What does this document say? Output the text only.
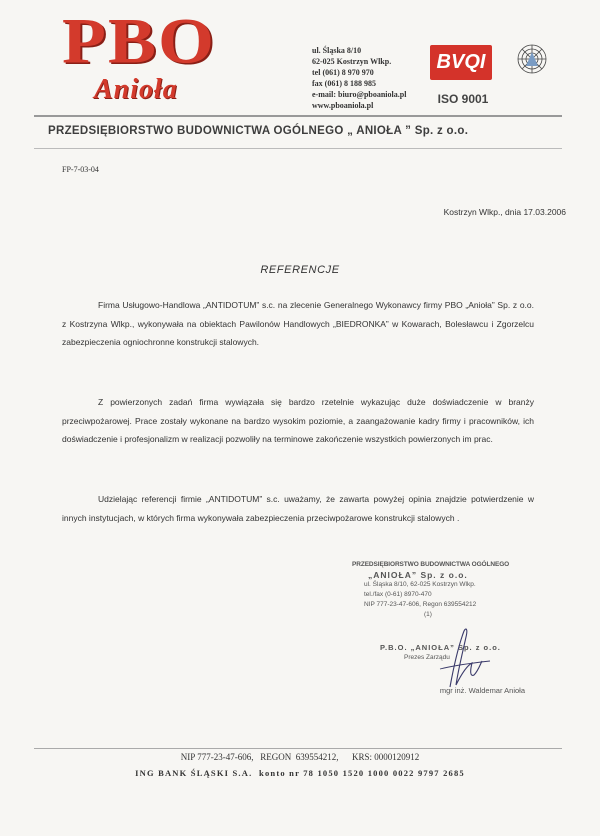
PBO
Anioła
ul. Śląska 8/10
62-025 Kostrzyn Wlkp.
tel (061) 8 970 970
fax (061) 8 188 985
e-mail: biuro@pboaniola.pl
www.pboaniola.pl
BVQI
ISO 9001
PRZEDSIĘBIORSTWO BUDOWNICTWA OGÓLNEGO „ ANIOŁA ” Sp. z o.o.
FP-7-03-04
Kostrzyn Wlkp., dnia 17.03.2006
REFERENCJE
Firma Usługowo-Handlowa „ANTIDOTUM” s.c. na zlecenie Generalnego Wykonawcy firmy PBO „Anioła” Sp. z o.o. z Kostrzyna Wlkp., wykonywała na obiektach Pawilonów Handlowych „BIEDRONKA” w Kowarach, Bolesławcu i Zgorzelcu zabezpieczenia ogniochronne konstrukcji stalowych.
Z powierzonych zadań firma wywiązała się bardzo rzetelnie wykazując duże doświadczenie w branży przeciwpożarowej. Prace zostały wykonane na bardzo wysokim poziomie, a zaangażowanie kadry firmy i pracowników, ich doświadczenie i profesjonalizm w realizacji pozwoliły na terminowe zakończenie wszystkich powierzonych im prac.
Udzielając referencji firmie „ANTIDOTUM” s.c. uważamy, że zawarta powyżej opinia znajdzie potwierdzenie w innych instytucjach, w których firma wykonywała zabezpieczenia przeciwpożarowe konstrukcji stalowych .
PRZEDSIĘBIORSTWO BUDOWNICTWA OGÓLNEGO
„ANIOŁA” Sp. z o.o.
ul. Śląska 8/10, 62-025 Kostrzyn Wlkp.
tel./fax (0-61) 8970-470
NIP 777-23-47-606, Regon 639554212
(1)
P.B.O. „ANIOŁA” Sp. z o.o.
Prezes Zarządu
mgr inż. Waldemar Anioła
NIP 777-23-47-606,   REGON  639554212,      KRS: 0000120912
ING BANK ŚLĄSKI S.A.  konto nr 78 1050 1520 1000 0022 9797 2685
